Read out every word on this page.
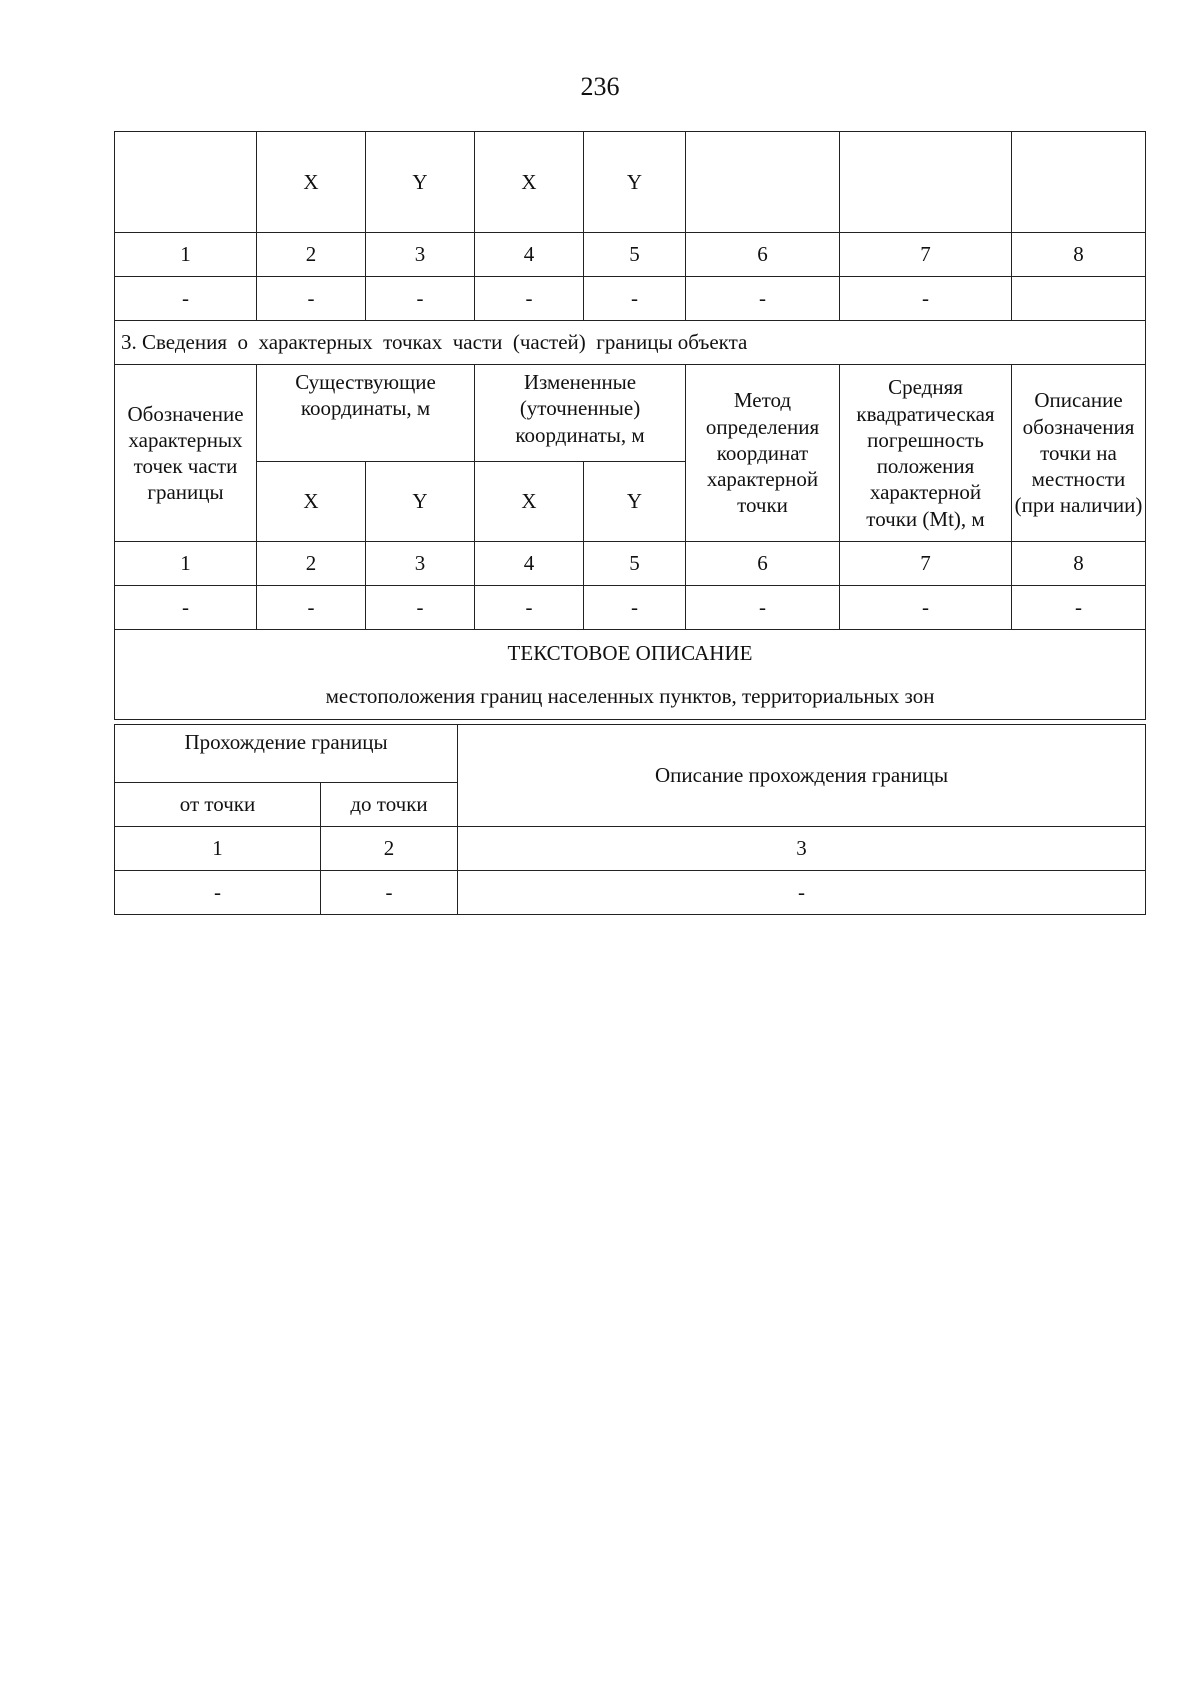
236
	X	Y	X	Y			
1	2	3	4	5	6	7	8
-	-	-	-	-	-	-	
3. Сведения  о  характерных  точках  части  (частей)  границы объекта							
Обозначение характерных точек части границы	Существующие координаты, м		Измененные (уточненные) координаты, м		Метод определения координат характерной точки	Средняя квадратическая погрешность положения характерной точки (Mt), м	Описание обозначения точки на местности (при наличии)
	X	Y	X	Y			
1	2	3	4	5	6	7	8
-	-	-	-	-	-	-	-

ТЕКСТОВОЕ ОПИСАНИЕ
местоположения границ населенных пунктов, территориальных зон							
Прохождение границы		Описание прохождения границы
от точки	до точки	
1	2	3
-	-	-
